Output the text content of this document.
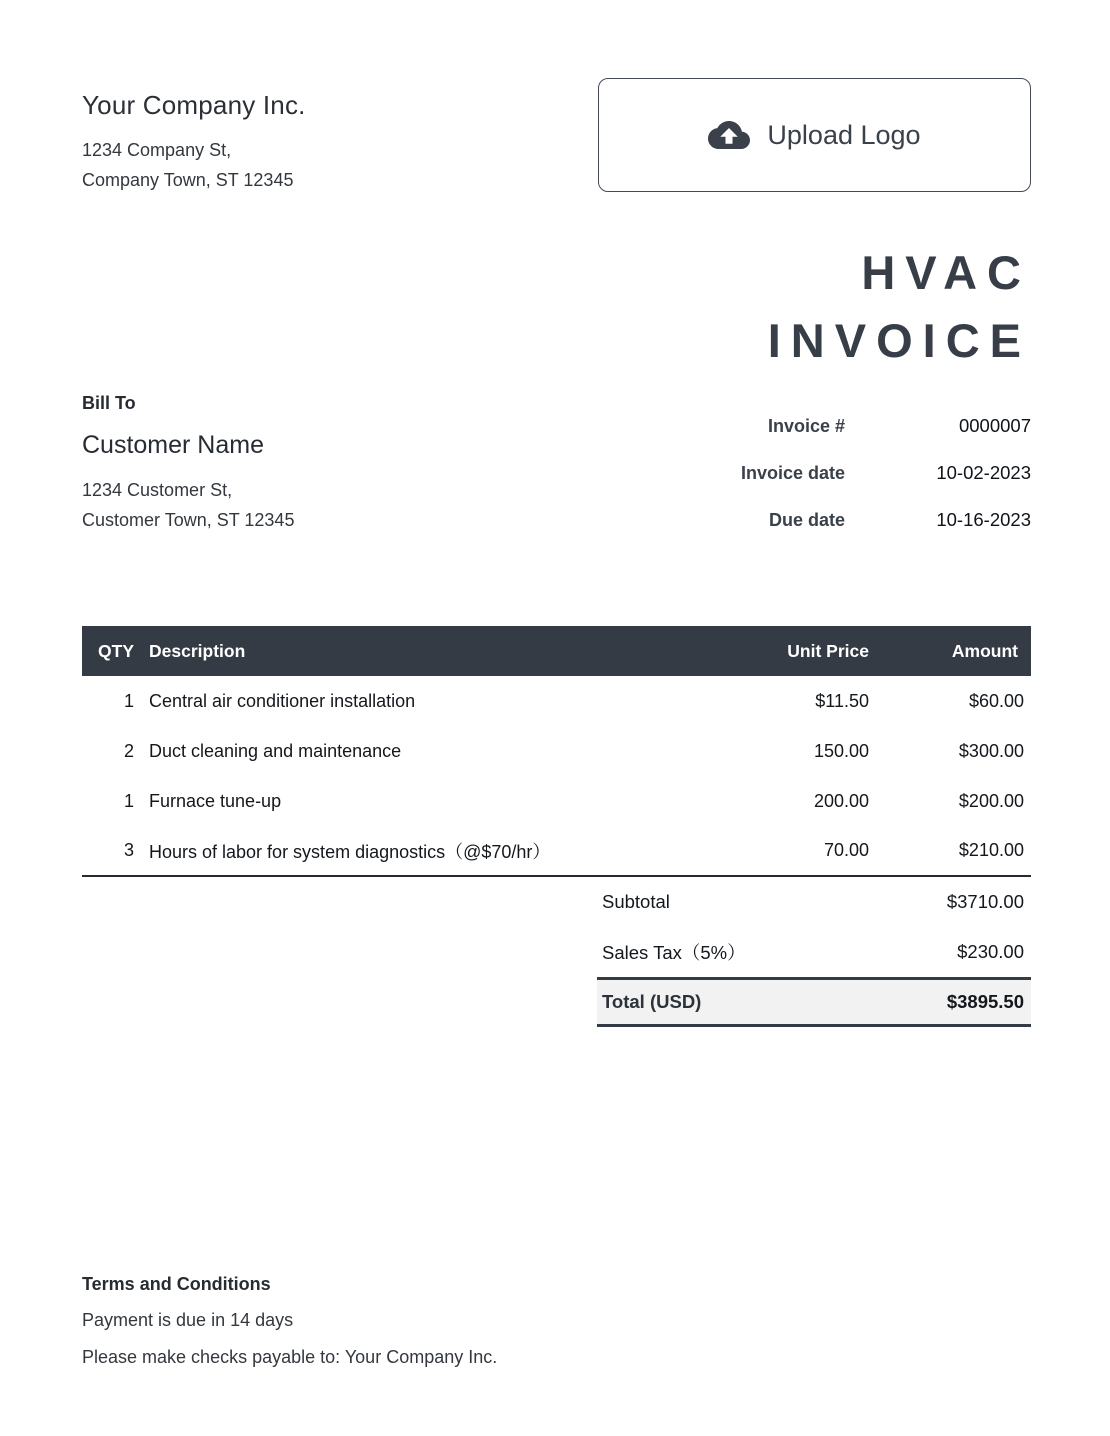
Your Company Inc.
1234 Company St,
Company Town, ST 12345
Upload Logo
HVAC
INVOICE
Bill To
Customer Name
1234 Customer St,
Customer Town, ST 12345
Invoice #	0000007
Invoice date	10-02-2023
Due date	10-16-2023
QTY	Description	Unit Price	Amount
1	Central air conditioner installation	$11.50	$60.00
2	Duct cleaning and maintenance	150.00	$300.00
1	Furnace tune-up	200.00	$200.00
3	Hours of labor for system diagnostics（@$70/hr）	70.00	$210.00
Subtotal	$3710.00
Sales Tax（5%）	$230.00
Total (USD)	$3895.50
Terms and Conditions
Payment is due in 14 days
Please make checks payable to: Your Company Inc.
